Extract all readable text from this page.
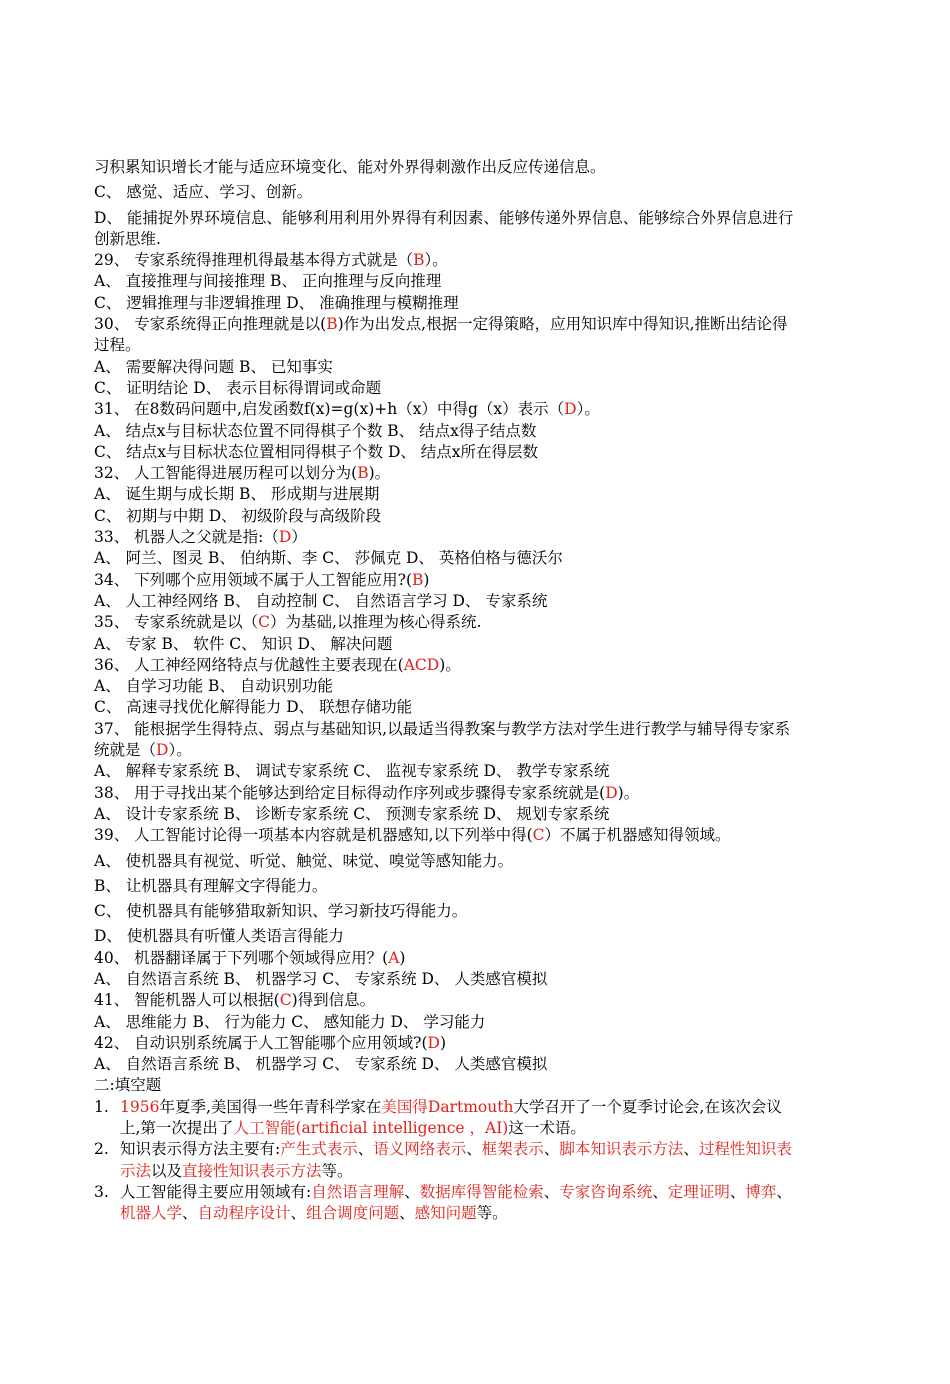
习积累知识增长才能与适应环境变化、能对外界得刺激作出反应传递信息。
C、 感觉、适应、学习、创新。
D、 能捕捉外界环境信息、能够利用利用外界得有利因素、能够传递外界信息、能够综合外界信息进行创新思维.
29、 专家系统得推理机得最基本得方式就是（B）。
A、 直接推理与间接推理 B、 正向推理与反向推理
C、 逻辑推理与非逻辑推理 D、 准确推理与模糊推理
30、 专家系统得正向推理就是以(B)作为出发点,根据一定得策略，应用知识库中得知识,推断出结论得过程。
A、 需要解决得问题 B、 已知事实
C、 证明结论 D、 表示目标得谓词或命题
31、 在8数码问题中,启发函数f(x)=g(x)+h（x）中得g（x）表示（D）。
A、 结点x与目标状态位置不同得棋子个数 B、 结点x得子结点数
C、 结点x与目标状态位置相同得棋子个数 D、 结点x所在得层数
32、 人工智能得进展历程可以划分为(B)。
A、 诞生期与成长期 B、 形成期与进展期
C、 初期与中期 D、 初级阶段与高级阶段
33、 机器人之父就是指:（D）
A、 阿兰、图灵 B、 伯纳斯、李 C、 莎佩克 D、 英格伯格与德沃尔
34、 下列哪个应用领域不属于人工智能应用?(B)
A、 人工神经网络 B、 自动控制 C、 自然语言学习 D、 专家系统
35、 专家系统就是以（C）为基础,以推理为核心得系统.
A、 专家 B、 软件 C、 知识 D、 解决问题
36、 人工神经网络特点与优越性主要表现在(ACD)。
A、 自学习功能 B、 自动识别功能
C、 高速寻找优化解得能力 D、 联想存储功能
37、 能根据学生得特点、弱点与基础知识,以最适当得教案与教学方法对学生进行教学与辅导得专家系统就是（D）。
A、 解释专家系统 B、 调试专家系统 C、 监视专家系统 D、 教学专家系统
38、 用于寻找出某个能够达到给定目标得动作序列或步骤得专家系统就是(D)。
A、 设计专家系统 B、 诊断专家系统 C、 预测专家系统 D、 规划专家系统
39、 人工智能讨论得一项基本内容就是机器感知,以下列举中得(C）不属于机器感知得领域。
A、 使机器具有视觉、听觉、触觉、味觉、嗅觉等感知能力。
B、 让机器具有理解文字得能力。
C、 使机器具有能够猎取新知识、学习新技巧得能力。
D、 使机器具有听懂人类语言得能力
40、 机器翻译属于下列哪个领域得应用？(A)
A、 自然语言系统 B、 机器学习 C、 专家系统 D、 人类感官模拟
41、 智能机器人可以根据(C)得到信息。
A、 思维能力 B、 行为能力 C、 感知能力 D、 学习能力
42、 自动识别系统属于人工智能哪个应用领域?(D)
A、 自然语言系统 B、 机器学习 C、 专家系统 D、 人类感官模拟
二:填空题
1. 1956年夏季,美国得一些年青科学家在美国得Dartmouth大学召开了一个夏季讨论会,在该次会议上,第一次提出了人工智能(artificial intelligence ，AI)这一术语。
2. 知识表示得方法主要有:产生式表示、语义网络表示、框架表示、脚本知识表示方法、过程性知识表示法以及直接性知识表示方法等。
3. 人工智能得主要应用领域有:自然语言理解、数据库得智能检索、专家咨询系统、定理证明、博弈、机器人学、自动程序设计、组合调度问题、感知问题等。
